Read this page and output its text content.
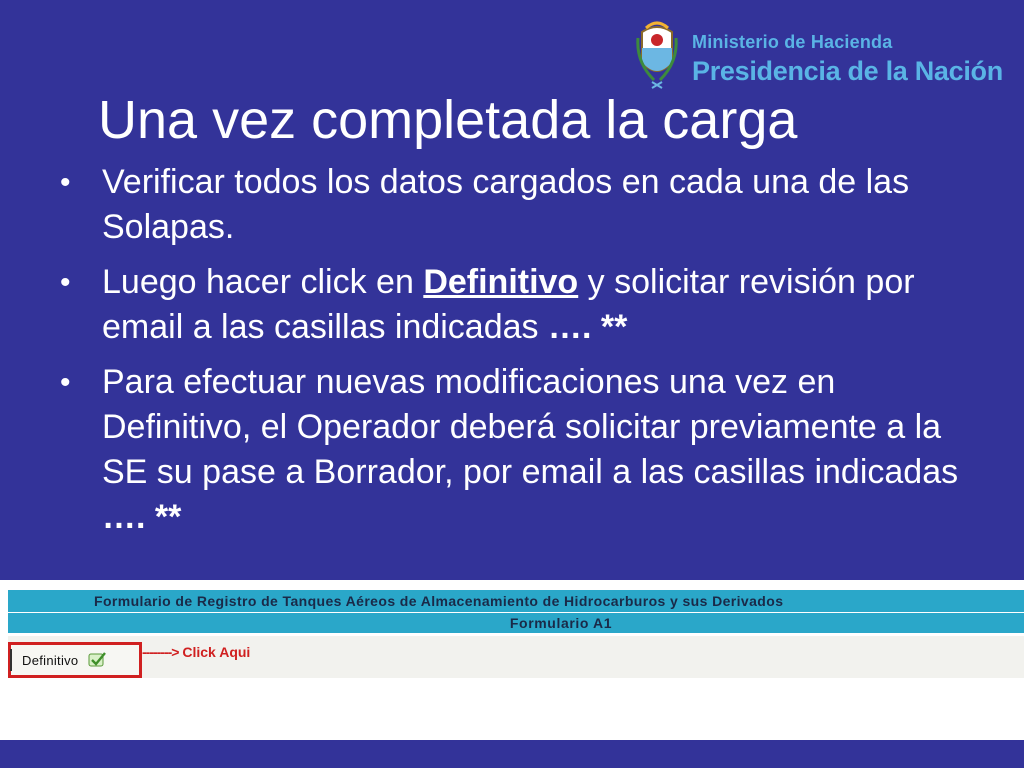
Ministerio de Hacienda
Presidencia de la Nación
Una vez completada la carga
• Verificar todos los datos cargados en cada una de las Solapas.
• Luego hacer click en Definitivo y solicitar revisión por email a las casillas indicadas …. **
• Para efectuar nuevas modificaciones una vez en Definitivo, el Operador deberá solicitar previamente a la SE su pase a Borrador, por email a las casillas indicadas …. **
Formulario de Registro de Tanques Aéreos de Almacenamiento de Hidrocarburos y sus Derivados
Formulario A1
Definitivo	--------> Click Aqui
